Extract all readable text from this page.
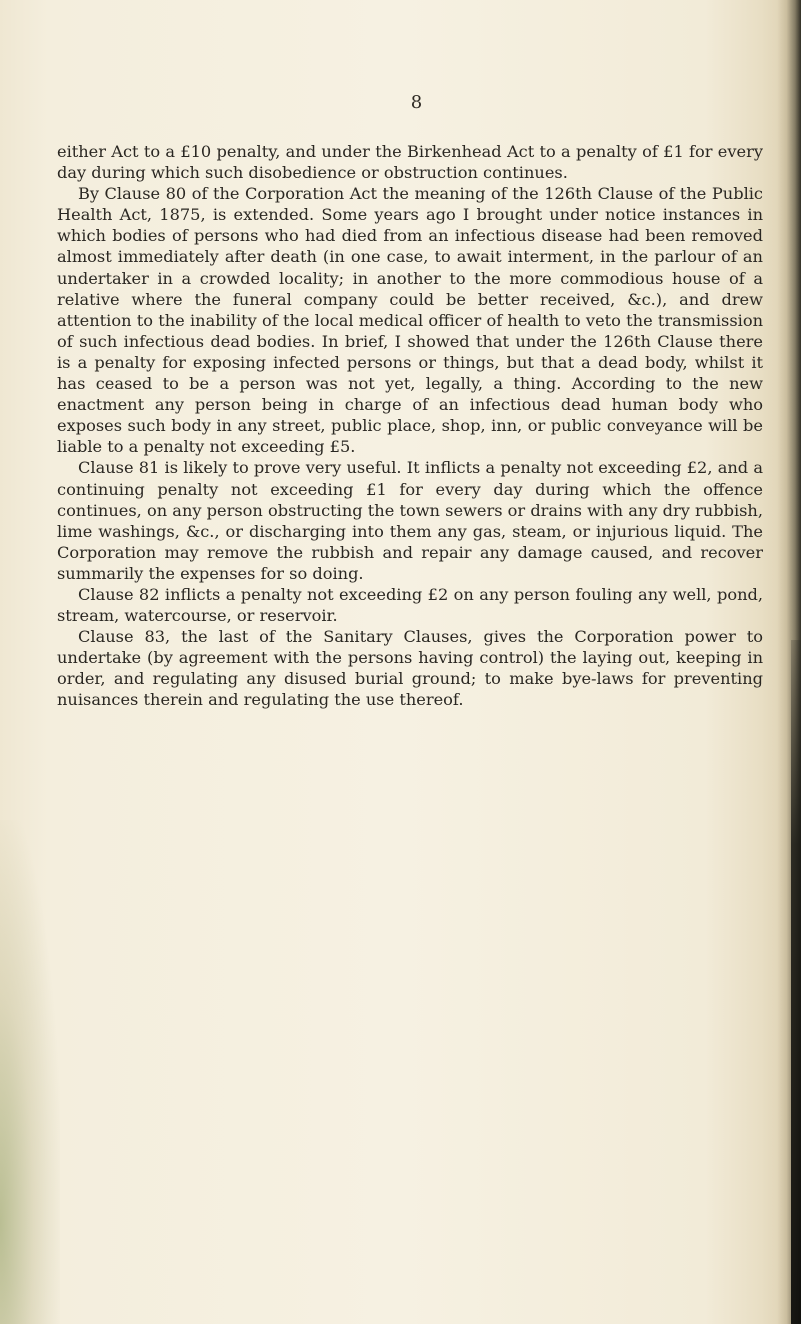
8

either Act to a £10 penalty, and under the Birkenhead Act to a penalty of £1 for every day during which such disobedience or obstruction continues.

By Clause 80 of the Corporation Act the meaning of the 126th Clause of the Public Health Act, 1875, is extended. Some years ago I brought under notice instances in which bodies of persons who had died from an infectious disease had been removed almost immediately after death (in one case, to await interment, in the parlour of an undertaker in a crowded locality; in another to the more commodious house of a relative where the funeral company could be better received, &c.), and drew attention to the inability of the local medical officer of health to veto the transmission of such infectious dead bodies. In brief, I showed that under the 126th Clause there is a penalty for exposing infected persons or things, but that a dead body, whilst it has ceased to be a person was not yet, legally, a thing. According to the new enactment any person being in charge of an infectious dead human body who exposes such body in any street, public place, shop, inn, or public conveyance will be liable to a penalty not exceeding £5.

Clause 81 is likely to prove very useful. It inflicts a penalty not exceeding £2, and a continuing penalty not exceeding £1 for every day during which the offence continues, on any person obstructing the town sewers or drains with any dry rubbish, lime washings, &c., or discharging into them any gas, steam, or injurious liquid. The Corporation may remove the rubbish and repair any damage caused, and recover summarily the expenses for so doing.

Clause 82 inflicts a penalty not exceeding £2 on any person fouling any well, pond, stream, watercourse, or reservoir.

Clause 83, the last of the Sanitary Clauses, gives the Corporation power to undertake (by agreement with the persons having control) the laying out, keeping in order, and regulating any disused burial ground; to make bye-laws for preventing nuisances therein and regulating the use thereof.
